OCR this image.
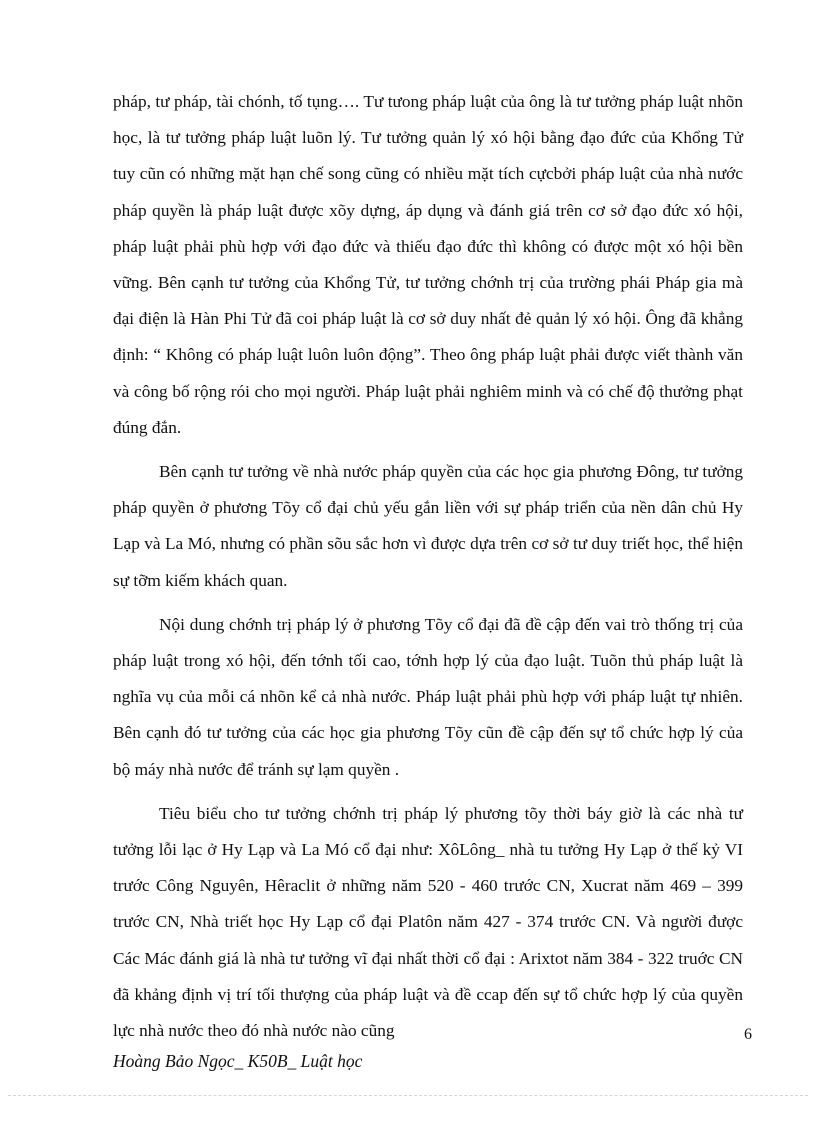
pháp, tư pháp, tài chónh, tố tụng…. Tư tưong pháp luật của ông là tư tưởng pháp luật nhõn học, là tư tưởng pháp luật luõn lý. Tư tưởng quản lý xó hội bằng đạo đức của Khổng Tử tuy cũn có những mặt hạn chế song cũng có nhiều mặt tích cựcbởi pháp luật của nhà nước pháp quyền là pháp luật được xõy dựng, áp dụng và đánh giá trên cơ sở đạo đức xó hội, pháp luật phải phù hợp với đạo đức và thiếu đạo đức thì không có được một xó hội bền vững. Bên cạnh tư tưởng của Khổng Tử, tư tưởng chớnh trị của trường phái Pháp gia mà đại điện là Hàn Phi Tử đã coi pháp luật là cơ sở duy nhất đẻ quản lý xó hội. Ông đã khẳng định: “ Không có pháp luật luôn luôn động”. Theo ông pháp luật phải được viết thành văn và công bố rộng rói cho mọi người. Pháp luật phải nghiêm minh và có chế độ thưởng phạt đúng đắn.

Bên cạnh tư tưởng về nhà nước pháp quyền của các học gia phương Đông, tư tưởng pháp quyền ở phương Tõy cổ đại chủ yếu gắn liền với sự pháp triển của nền dân chủ Hy Lạp và La Mó, nhưng có phần sõu sắc hơn vì được dựa trên cơ sở tư duy triết học, thể hiện sự tỡm kiếm khách quan.

Nội dung chớnh trị pháp lý ở phương Tõy cổ đại đã đề cập đến vai trò thống trị của pháp luật trong xó hội, đến tớnh tối cao, tớnh hợp lý của đạo luật. Tuõn thủ pháp luật là nghĩa vụ của mỗi cá nhõn kể cả nhà nước. Pháp luật phải phù hợp với pháp luật tự nhiên. Bên cạnh đó tư tưởng của các học gia phương Tõy cũn đề cập đến sự tổ chức hợp lý của bộ máy nhà nước để tránh sự lạm quyền .

Tiêu biểu cho tư tưởng chớnh trị pháp lý phương tõy thời báy giờ là các nhà tư tưởng lỗi lạc ở Hy Lạp và La Mó cổ đại như: XôLông_ nhà tu tưởng Hy Lạp ở thế kỷ VI trước Công Nguyên, Hêraclit ở những năm 520 - 460 trước CN, Xucrat năm 469 – 399 trước CN, Nhà triết học Hy Lạp cổ đại Platôn năm 427 - 374 trước CN. Và người được Các Mác đánh giá là nhà tư tưởng vĩ đại nhất thời cổ đại : Arixtot năm 384 - 322 truớc CN đã khảng định vị trí tối thượng của pháp luật và đề ccap đến sự tổ chức hợp lý của quyền lực nhà nước theo đó nhà nước nào cũng	6
Hoàng Bảo Ngọc_ K50B_ Luật học
